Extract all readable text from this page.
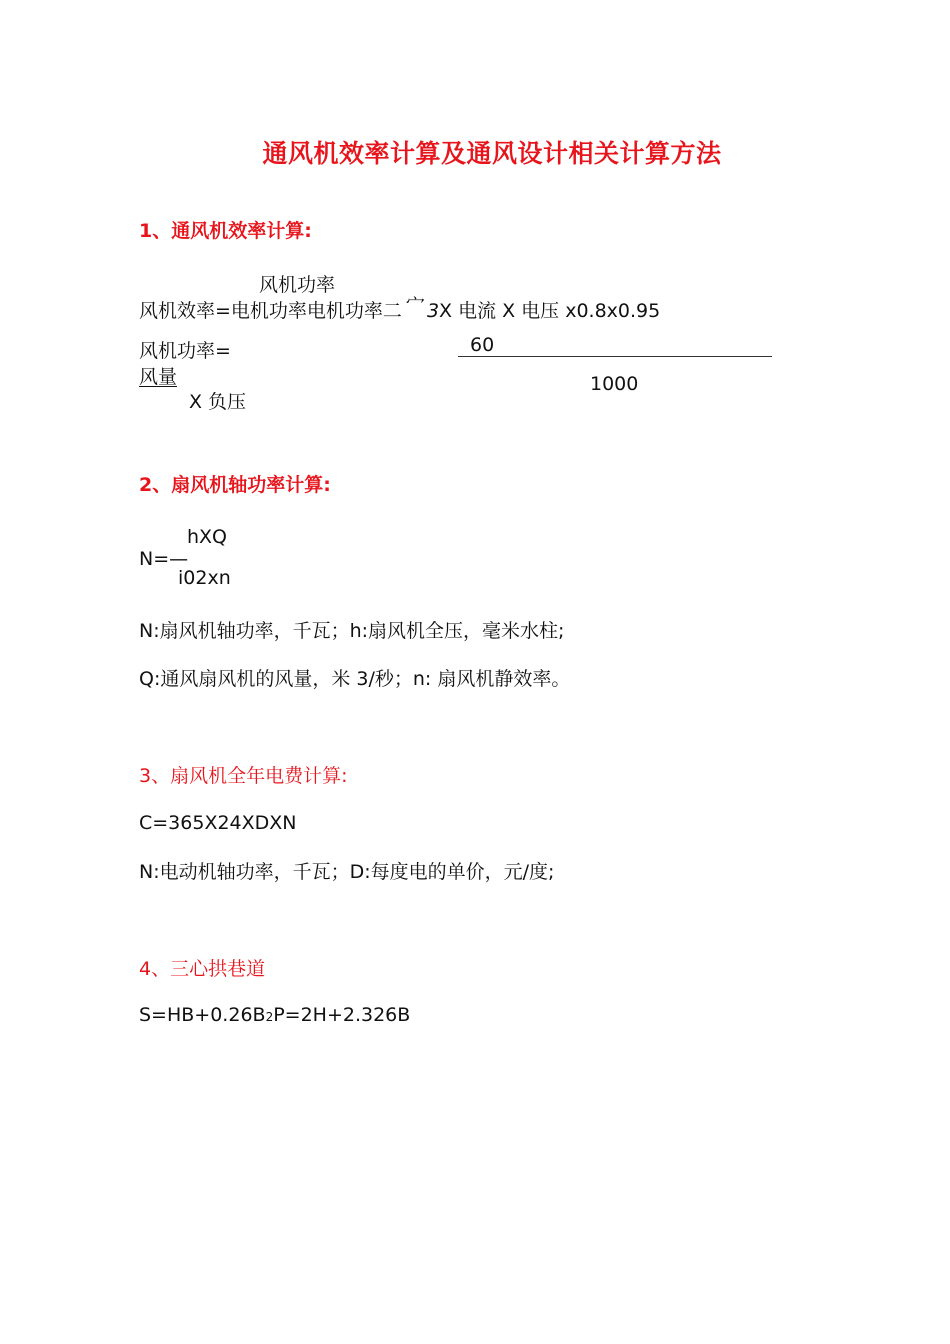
通风机效率计算及通风设计相关计算方法
1、通风机效率计算:
风机功率
风机效率=电机功率电机功率二 宀 3X 电流 X 电压 x0.8x0.95
风机功率=	60
风量	1000
X 负压
2、扇风机轴功率计算:
hXQ
N=—
i02xn
N:扇风机轴功率，千瓦；h:扇风机全压，毫米水柱;
Q:通风扇风机的风量，米 3/秒；n: 扇风机静效率。
3、扇风机全年电费计算:
C=365X24XDXN
N:电动机轴功率，千瓦；D:每度电的单价，元/度;
4、三心拱巷道
S=HB+0.26B2P=2H+2.326B
